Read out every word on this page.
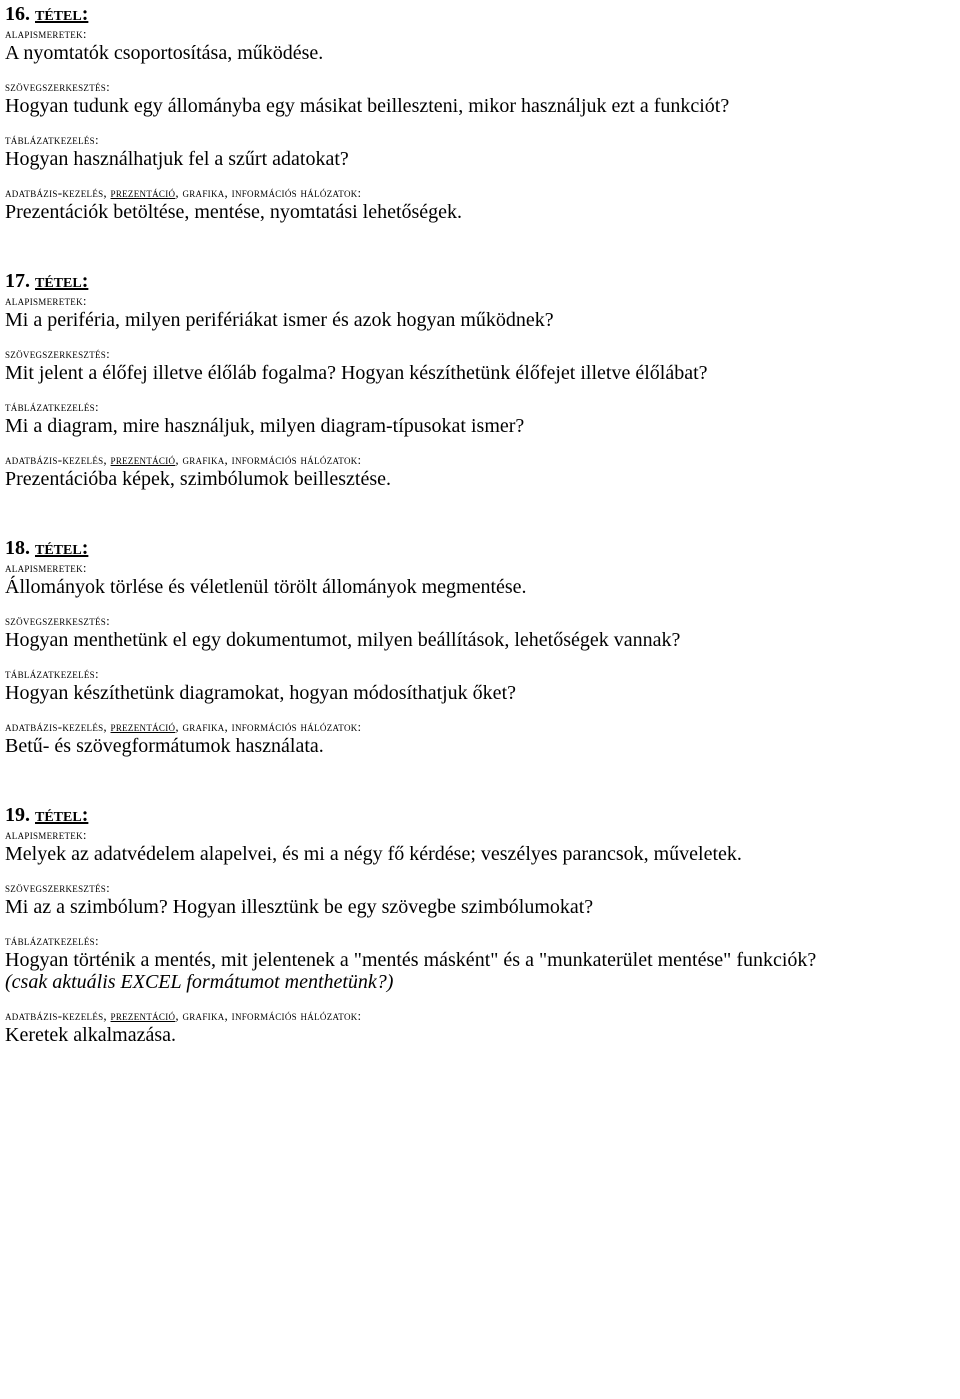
16. tétel:
alapismeretek:
A nyomtatók csoportosítása, működése.
szövegszerkesztés:
Hogyan tudunk egy állományba egy másikat beilleszteni, mikor használjuk ezt a funkciót?
táblázatkezelés:
Hogyan használhatjuk fel a szűrt adatokat?
adatbázis-kezelés, prezentáció, grafika, információs hálózatok:
Prezentációk betöltése, mentése, nyomtatási lehetőségek.
17. tétel:
alapismeretek:
Mi a periféria, milyen perifériákat ismer és azok hogyan működnek?
szövegszerkesztés:
Mit jelent a élőfej illetve élőláb fogalma? Hogyan készíthetünk élőfejet illetve élőlábat?
táblázatkezelés:
Mi a diagram, mire használjuk, milyen diagram-típusokat ismer?
adatbázis-kezelés, prezentáció, grafika, információs hálózatok:
Prezentációba képek, szimbólumok beillesztése.
18. tétel:
alapismeretek:
Állományok törlése és véletlenül törölt állományok megmentése.
szövegszerkesztés:
Hogyan menthetünk el egy dokumentumot, milyen beállítások, lehetőségek vannak?
táblázatkezelés:
Hogyan készíthetünk diagramokat, hogyan módosíthatjuk őket?
adatbázis-kezelés, prezentáció, grafika, információs hálózatok:
Betű- és szövegformátumok használata.
19. tétel:
alapismeretek:
Melyek az adatvédelem alapelvei, és mi a négy fő kérdése; veszélyes parancsok, műveletek.
szövegszerkesztés:
Mi az a szimbólum? Hogyan illesztünk be egy szövegbe szimbólumokat?
táblázatkezelés:
Hogyan történik a mentés, mit jelentenek a "mentés másként" és a "munkaterület mentése" funkciók?
(csak aktuális EXCEL formátumot menthetünk?)
adatbázis-kezelés, prezentáció, grafika, információs hálózatok:
Keretek alkalmazása.
